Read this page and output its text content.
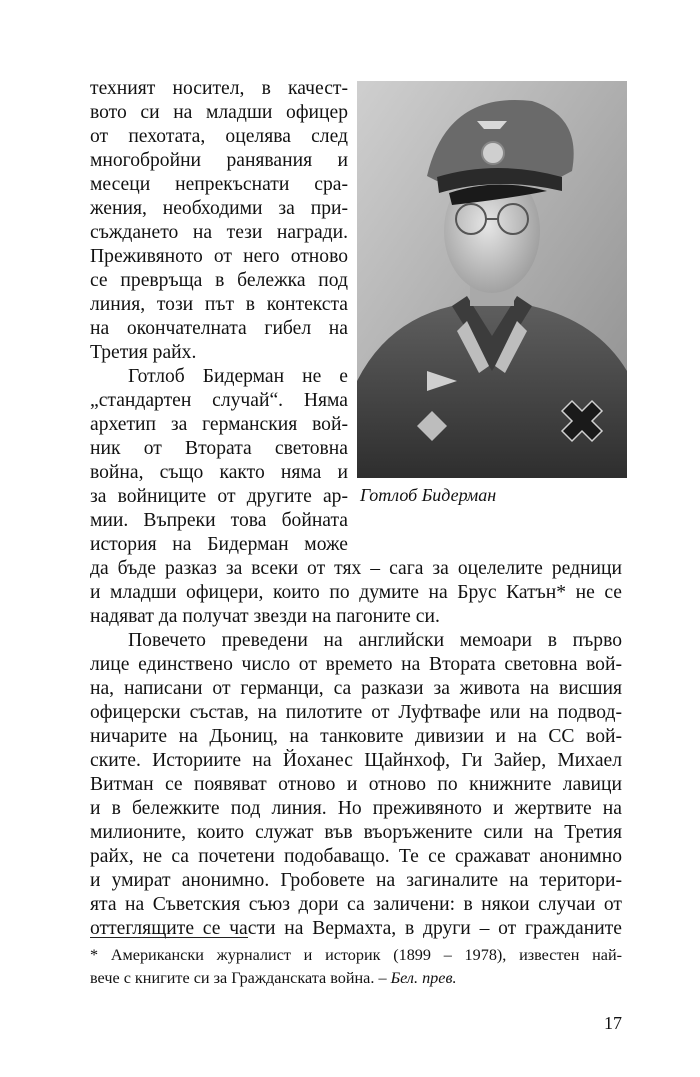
техният носител, в качест-
вото си на младши офицер
от пехотата, оцелява след
многобройни ранявания и
месеци непрекъснати сра-
жения, необходими за при-
съждането на тези награди.
Преживяното от него отново
се превръща в бележка под
линия, този път в контекста
на окончателната гибел на
Третия райх.
Готлоб Бидерман не е
„стандартен случай“. Няма
архетип за германския вой-
ник от Втората световна
война, също както няма и
за войниците от другите ар-
мии. Въпреки това бойната
история на Бидерман може
да бъде разказ за всеки от тях – сага за оцелелите редници
и младши офицери, които по думите на Брус Катън* не се
надяват да получат звезди на пагоните си.
Повечето преведени на английски мемоари в първо
лице единствено число от времето на Втората световна вой-
на, написани от германци, са разкази за живота на висшия
офицерски състав, на пилотите от Луфтвафе или на подвод-
ничарите на Дьониц, на танковите дивизии и на СС вой-
ските. Историите на Йоханес Щайнхоф, Ги Зайер, Михаел
Витман се появяват отново и отново по книжните лавици
и в бележките под линия. Но преживяното и жертвите на
милионите, които служат във въоръжените сили на Третия
райх, не са почетени подобаващо. Те се сражават анонимно
и умират анонимно. Гробовете на загиналите на територи-
ята на Съветския съюз дори са заличени: в някои случаи от
оттеглящите се части на Вермахта, в други – от гражданите
Готлоб Бидерман
* Американски журналист и историк (1899 – 1978), известен най-
вече с книгите си за Гражданската война. – Бел. прев.
17
